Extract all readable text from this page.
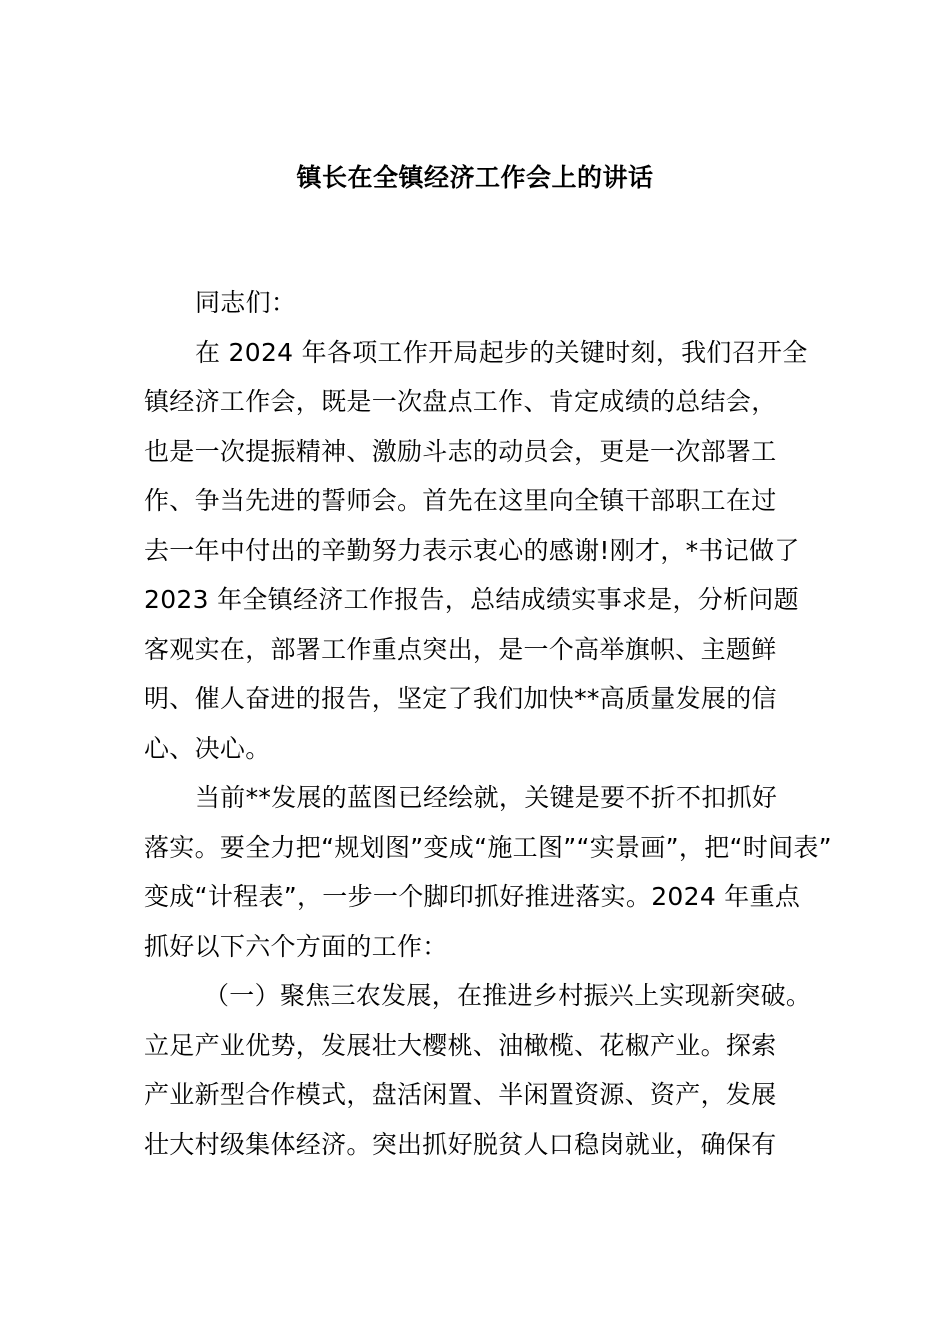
镇长在全镇经济工作会上的讲话
同志们：
在 2024 年各项工作开局起步的关键时刻，我们召开全
镇经济工作会，既是一次盘点工作、肯定成绩的总结会，
也是一次提振精神、激励斗志的动员会，更是一次部署工
作、争当先进的誓师会。首先在这里向全镇干部职工在过
去一年中付出的辛勤努力表示衷心的感谢!刚才，*书记做了
2023 年全镇经济工作报告，总结成绩实事求是，分析问题
客观实在，部署工作重点突出，是一个高举旗帜、主题鲜
明、催人奋进的报告，坚定了我们加快**高质量发展的信
心、决心。
当前**发展的蓝图已经绘就，关键是要不折不扣抓好
落实。要全力把“规划图”变成“施工图”“实景画”，把“时间表”
变成“计程表”，一步一个脚印抓好推进落实。2024 年重点
抓好以下六个方面的工作：
（一）聚焦三农发展，在推进乡村振兴上实现新突破。
立足产业优势，发展壮大樱桃、油橄榄、花椒产业。探索
产业新型合作模式，盘活闲置、半闲置资源、资产，发展
壮大村级集体经济。突出抓好脱贫人口稳岗就业，确保有
